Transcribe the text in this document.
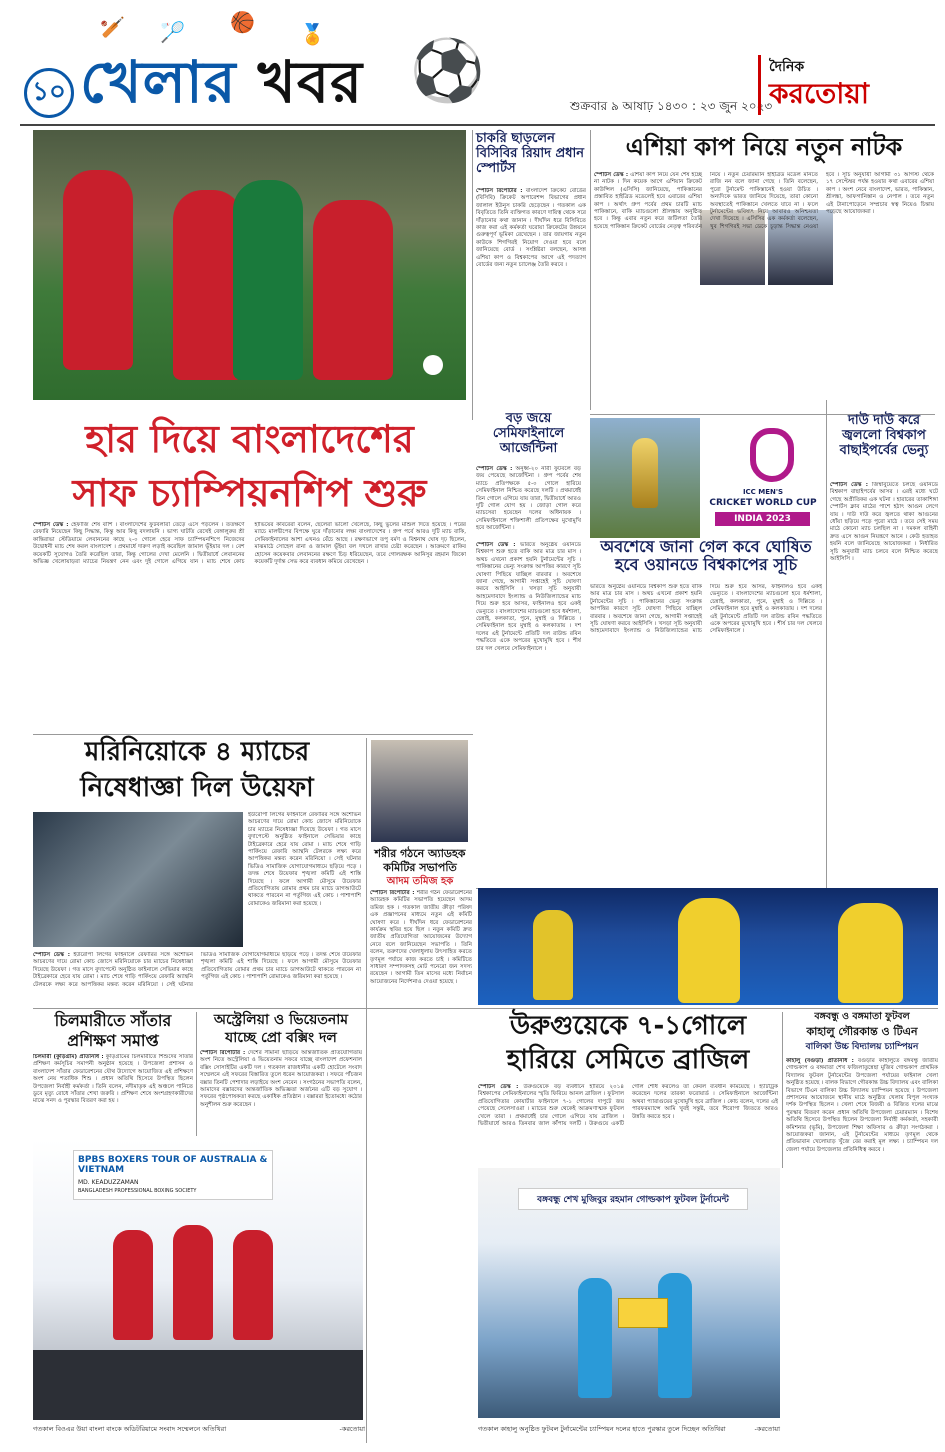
🏏 🏸 🏀 🏅
⚽
১০ খেলার খবর	শুক্রবার ৯ আষাঢ় ১৪৩০ : ২৩ জুন ২০২৩
দৈনিক
করতোয়া
হার দিয়ে বাংলাদেশের
সাফ চ্যাম্পিয়নশিপ শুরু
স্পোর্টস ডেস্ক : হেফাজি শেষ বাঁশি । বাংলাদেশের ফুটবলারা তেড়ে এসে পড়লেন । ততক্ষণে রেফারি নিয়েছেন কিছু সিদ্ধান্ত, কিন্তু আর কিছু বদলায়নি । ভাগ্য ঘাটতি রেখেই বেঙ্গালুরুর শ্রী কান্তিরাভা স্টেডিয়ামে লেবাননের কাছে ২-০ গোলে হেরে সাফ চ্যাম্পিয়নশিপে নিজেদের উদ্বোধনী ম্যাচ শেষ করল বাংলাদেশ । প্রথমার্ধে দারুণ লড়াই করেছিল জামাল ভূঁইয়ার দল । বেশ কয়েকটি সুযোগও তৈরি করেছিল তারা, কিন্তু গোলের দেখা মেলেনি । দ্বিতীয়ার্ধে লেবাননের অভিজ্ঞ খেলোয়াড়রা ম্যাচের নিয়ন্ত্রণ নেন এবং দুই গোলে এগিয়ে যান । ম্যাচ শেষে কোচ হাভিয়ের কাবরেরা বলেন, ছেলেরা ভালো খেলেছে, কিছু ভুলের মাশুল দিতে হয়েছে । পরের ম্যাচে মালদ্বীপের বিপক্ষে ঘুরে দাঁড়ানোর লক্ষ্য বাংলাদেশের । গ্রুপ পর্বে আরও দুটি ম্যাচ বাকি, সেমিফাইনালের আশা এখনও বেঁচে আছে । রক্ষণভাগে তপু বর্মণ ও বিশ্বনাথ ঘোষ দৃঢ় ছিলেন, মাঝমাঠে সোহেল রানা ও জামাল ভূঁইয়া বল দখলে রাখার চেষ্টা করেছেন । আক্রমণে রাকিব হোসেন কয়েকবার লেবাননের রক্ষণে চিড় ধরিয়েছেন, তবে গোলরক্ষক আনিসুর রহমান জিকো কয়েকটি দুর্দান্ত সেভ করে ব্যবধান কমিয়ে রেখেছেন ।
চাকরি ছাড়লেন বিসিবির রিয়াদ প্রধান স্পোর্টস
স্পোর্টস রিপোর্টার : বাংলাদেশ ক্রিকেট বোর্ডের (বিসিবি) ক্রিকেট অপারেশন্স বিভাগের প্রধান জালাল ইউনুস চাকরি ছেড়েছেন । গতকাল এক বিবৃতিতে তিনি ব্যক্তিগত কারণে দায়িত্ব থেকে সরে দাঁড়ানোর কথা জানান । দীর্ঘদিন ধরে বিসিবিতে কাজ করা এই কর্মকর্তা ঘরোয়া ক্রিকেটের উন্নয়নে গুরুত্বপূর্ণ ভূমিকা রেখেছেন । তার জায়গায় নতুন কাউকে শিগগিরই নিয়োগ দেওয়া হবে বলে জানিয়েছে বোর্ড । সংশ্লিষ্টরা বলছেন, আসন্ন এশিয়া কাপ ও বিশ্বকাপের আগে এই পদত্যাগ বোর্ডের জন্য নতুন চ্যালেঞ্জ তৈরি করবে ।
এশিয়া কাপ নিয়ে নতুন নাটক
স্পোর্টস ডেস্ক : এশিয়া কাপ নিয়ে যেন শেষ হচ্ছে না নাটক । দিন কয়েক আগে এশিয়ান ক্রিকেট কাউন্সিল (এসিসি) জানিয়েছে, পাকিস্তানের প্রস্তাবিত হাইব্রিড মডেলেই হবে এবারের এশিয়া কাপ । অর্থাৎ গ্রুপ পর্বের প্রথম চারটি ম্যাচ পাকিস্তানে, বাকি ম্যাচগুলো শ্রীলঙ্কায় অনুষ্ঠিত হবে । কিন্তু এবার নতুন করে জটিলতা তৈরি হয়েছে পাকিস্তান ক্রিকেট বোর্ডের নেতৃত্ব পরিবর্তন নিয়ে । নতুন চেয়ারম্যান হাইব্রিড মডেল মানতে রাজি নন বলে জানা গেছে । তিনি বলেছেন, পুরো টুর্নামেন্ট পাকিস্তানেই হওয়া উচিত । অন্যদিকে ভারত জানিয়ে দিয়েছে, তারা কোনো অবস্থাতেই পাকিস্তানে খেলতে যাবে না । ফলে টুর্নামেন্টের ভবিষ্যৎ নিয়ে আবারও অনিশ্চয়তা দেখা দিয়েছে । এসিসির এক কর্মকর্তা বলেছেন, খুব শিগগিরই সভা ডেকে চূড়ান্ত সিদ্ধান্ত নেওয়া হবে । সূচি অনুযায়ী আগামী ৩১ আগস্ট থেকে ১৭ সেপ্টেম্বর পর্যন্ত হওয়ার কথা এবারের এশিয়া কাপ । অংশ নেবে বাংলাদেশ, ভারত, পাকিস্তান, শ্রীলঙ্কা, আফগানিস্তান ও নেপাল । তবে নতুন এই টানাপোড়েনে সম্প্রচার স্বত্ব নিয়েও চিন্তায় পড়েছে আয়োজকরা ।
বড় জয়ে সেমিফাইনালে আর্জেন্টিনা
স্পোর্টস ডেস্ক : অনূর্ধ্ব-২০ নারী ফুটবলে বড় জয় পেয়েছে আর্জেন্টিনা । গ্রুপ পর্বের শেষ ম্যাচে প্রতিপক্ষকে ৫-০ গোলে হারিয়ে সেমিফাইনাল নিশ্চিত করেছে দলটি । প্রথমার্ধেই তিন গোলে এগিয়ে যায় তারা, দ্বিতীয়ার্ধে আরও দুটি গোল যোগ হয় । জোড়া গোল করে ম্যাচসেরা হয়েছেন দলের অধিনায়ক । সেমিফাইনালে শক্তিশালী প্রতিপক্ষের মুখোমুখি হবে আর্জেন্টিনা ।
ICC MEN'S
CRICKET WORLD CUP
INDIA 2023
দাউ দাউ করে জ্বললো বিশ্বকাপ বাছাইপর্বের ভেন্যু
স্পোর্টস ডেস্ক : জিম্বাবুয়েতে চলছে ওয়ানডে বিশ্বকাপ বাছাইপর্বের আসর । এরই মধ্যে ঘটে গেছে অপ্রীতিকর এক ঘটনা । হারারের তাকাশিঙ্গা স্পোর্টস ক্লাব মাঠের পাশে হঠাৎ আগুন লেগে যায় । দাউ দাউ করে জ্বলতে থাকা আগুনের ধোঁয়া ছড়িয়ে পড়ে পুরো মাঠে । তবে সেই সময় মাঠে কোনো ম্যাচ চলছিল না । দমকল বাহিনী দ্রুত এসে আগুন নিয়ন্ত্রণে আনে । কেউ হতাহত হয়নি বলে জানিয়েছে আয়োজকরা । নির্ধারিত সূচি অনুযায়ী ম্যাচ চলবে বলে নিশ্চিত করেছে আইসিসি ।
অবশেষে জানা গেল কবে ঘোষিত হবে ওয়ানডে বিশ্বকাপের সূচি
স্পোর্টস ডেস্ক : ভারতে অনুষ্ঠেয় ওয়ানডে বিশ্বকাপ শুরু হতে বাকি আর মাত্র চার মাস । অথচ এখনো প্রকাশ হয়নি টুর্নামেন্টের সূচি । পাকিস্তানের ভেন্যু সংক্রান্ত আপত্তির কারণে সূচি ঘোষণা পিছিয়ে যাচ্ছিল বারবার । অবশেষে জানা গেছে, আগামী সপ্তাহেই সূচি ঘোষণা করবে আইসিসি । খসড়া সূচি অনুযায়ী আহমেদাবাদে ইংল্যান্ড ও নিউজিল্যান্ডের ম্যাচ দিয়ে শুরু হবে আসর, ফাইনালও হবে একই ভেন্যুতে । বাংলাদেশের ম্যাচগুলো হবে ধর্মশালা, চেন্নাই, কলকাতা, পুনে, মুম্বাই ও দিল্লিতে । সেমিফাইনাল হবে মুম্বাই ও কলকাতায় । দশ দলের এই টুর্নামেন্টে প্রতিটি দল রাউন্ড রবিন পদ্ধতিতে একে অপরের মুখোমুখি হবে । শীর্ষ চার দল খেলবে সেমিফাইনালে ।
ভারতে অনুষ্ঠেয় ওয়ানডে বিশ্বকাপ শুরু হতে বাকি আর মাত্র চার মাস । অথচ এখনো প্রকাশ হয়নি টুর্নামেন্টের সূচি । পাকিস্তানের ভেন্যু সংক্রান্ত আপত্তির কারণে সূচি ঘোষণা পিছিয়ে যাচ্ছিল বারবার । অবশেষে জানা গেছে, আগামী সপ্তাহেই সূচি ঘোষণা করবে আইসিসি । খসড়া সূচি অনুযায়ী আহমেদাবাদে ইংল্যান্ড ও নিউজিল্যান্ডের ম্যাচ দিয়ে শুরু হবে আসর, ফাইনালও হবে একই ভেন্যুতে । বাংলাদেশের ম্যাচগুলো হবে ধর্মশালা, চেন্নাই, কলকাতা, পুনে, মুম্বাই ও দিল্লিতে । সেমিফাইনাল হবে মুম্বাই ও কলকাতায় । দশ দলের এই টুর্নামেন্টে প্রতিটি দল রাউন্ড রবিন পদ্ধতিতে একে অপরের মুখোমুখি হবে । শীর্ষ চার দল খেলবে সেমিফাইনালে ।
মরিনিয়োকে ৪ ম্যাচের
নিষেধাজ্ঞা দিল উয়েফা
ইউরোপা লিগের ফাইনালে রেফারির সঙ্গে অশোভন আচরণের দায়ে রোমা কোচ জোসে মরিনিয়োকে চার ম্যাচের নিষেধাজ্ঞা দিয়েছে উয়েফা । গত মাসে বুদাপেস্টে অনুষ্ঠিত ফাইনালে সেভিয়ার কাছে টাইব্রেকারে হেরে যায় রোমা । ম্যাচ শেষে গাড়ি পার্কিংয়ে রেফারি অ্যান্থনি টেলরকে লক্ষ্য করে আপত্তিকর মন্তব্য করেন মরিনিয়ো । সেই ঘটনার ভিডিও সামাজিক যোগাযোগমাধ্যমে ছড়িয়ে পড়ে । তদন্ত শেষে উয়েফার শৃঙ্খলা কমিটি এই শাস্তি দিয়েছে । ফলে আগামী মৌসুমে উয়েফার প্রতিযোগিতায় রোমার প্রথম চার ম্যাচে ডাগআউটে থাকতে পারবেন না পর্তুগিজ এই কোচ । পাশাপাশি রোমাকেও জরিমানা করা হয়েছে ।
স্পোর্টস ডেস্ক : ইউরোপা লিগের ফাইনালে রেফারির সঙ্গে অশোভন আচরণের দায়ে রোমা কোচ জোসে মরিনিয়োকে চার ম্যাচের নিষেধাজ্ঞা দিয়েছে উয়েফা । গত মাসে বুদাপেস্টে অনুষ্ঠিত ফাইনালে সেভিয়ার কাছে টাইব্রেকারে হেরে যায় রোমা । ম্যাচ শেষে গাড়ি পার্কিংয়ে রেফারি অ্যান্থনি টেলরকে লক্ষ্য করে আপত্তিকর মন্তব্য করেন মরিনিয়ো । সেই ঘটনার ভিডিও সামাজিক যোগাযোগমাধ্যমে ছড়িয়ে পড়ে । তদন্ত শেষে উয়েফার শৃঙ্খলা কমিটি এই শাস্তি দিয়েছে । ফলে আগামী মৌসুমে উয়েফার প্রতিযোগিতায় রোমার প্রথম চার ম্যাচে ডাগআউটে থাকতে পারবেন না পর্তুগিজ এই কোচ । পাশাপাশি রোমাকেও জরিমানা করা হয়েছে ।
শরীর গঠনে অ্যাডহক
কমিটির সভাপতি
আদম তমিজ হক
স্পোর্টস রিপোর্টার : শরীর গঠন ফেডারেশনের অ্যাডহক কমিটির সভাপতি হয়েছেন আদম তমিজ হক । গতকাল জাতীয় ক্রীড়া পরিষদ এক প্রজ্ঞাপনের মাধ্যমে নতুন এই কমিটি ঘোষণা করে । দীর্ঘদিন ধরে ফেডারেশনের কার্যক্রম স্থবির হয়ে ছিল । নতুন কমিটি দ্রুত জাতীয় প্রতিযোগিতা আয়োজনের উদ্যোগ নেবে বলে জানিয়েছেন সভাপতি । তিনি বলেন, তরুণদের খেলাধুলায় উৎসাহিত করতে তৃণমূল পর্যায়ে কাজ করতে চাই । কমিটিতে সাধারণ সম্পাদকসহ মোট পনেরো জন সদস্য রয়েছেন । আগামী তিন মাসের মধ্যে নির্বাচন আয়োজনের নির্দেশনাও দেওয়া হয়েছে ।
চিলমারীতে সাঁতার
প্রশিক্ষণ সমাপ্ত
চিলমারী (কুড়িগ্রাম) প্রতিনিধি : কুড়িগ্রামের চিলমারীতে শিশুদের সাঁতার প্রশিক্ষণ কর্মসূচির সমাপনী অনুষ্ঠান হয়েছে । উপজেলা প্রশাসন ও বাংলাদেশ সাঁতার ফেডারেশনের যৌথ উদ্যোগে আয়োজিত এই প্রশিক্ষণে অংশ নেয় শতাধিক শিশু । প্রধান অতিথি হিসেবে উপস্থিত ছিলেন উপজেলা নির্বাহী কর্মকর্তা । তিনি বলেন, নদীমাতৃক এই অঞ্চলে পানিতে ডুবে মৃত্যু রোধে সাঁতার শেখা জরুরি । প্রশিক্ষণ শেষে অংশগ্রহণকারীদের মাঝে সনদ ও পুরস্কার বিতরণ করা হয় ।
অস্ট্রেলিয়া ও ভিয়েতনাম
যাচ্ছে প্রো বক্সিং দল
স্পোর্টস রিপোর্টার : দেশের সীমানা ছাড়িয়ে আন্তর্জাতিক প্রতিযোগিতায় অংশ নিতে অস্ট্রেলিয়া ও ভিয়েতনাম সফরে যাচ্ছে বাংলাদেশ প্রফেশনাল বক্সিং সোসাইটির একটি দল । গতকাল রাজধানীর একটি হোটেলে সংবাদ সম্মেলনে এই সফরের বিস্তারিত তুলে ধরেন আয়োজকরা । সফরে পাঁচজন বক্সার তিনটি পেশাদার লড়াইয়ে অংশ নেবেন । সংগঠনের সভাপতি বলেন, আমাদের বক্সারদের আন্তর্জাতিক অভিজ্ঞতা অর্জনের এটি বড় সুযোগ । সফরের পৃষ্ঠপোষকতা করছে একাধিক প্রতিষ্ঠান । বক্সাররা ইতোমধ্যে কঠোর অনুশীলন শুরু করেছেন ।
BPBS BOXERS TOUR OF AUSTRALIA & VIETNAM
MD. KEADUZZAMAN
BANGLADESH PROFESSIONAL BOXING SOCIETY
গতকাল বিওএর উয়া বাংলা বাংকে অডিটরিয়ামে সংবাদ সম্মেলনে অতিথিরা	-করতোয়া
উরুগুয়েকে ৭-১গোলে
হারিয়ে সেমিতে ব্রাজিল
স্পোর্টস ডেস্ক : উরুগুয়েকে বড় ব্যবধানে হারিয়ে ২০১৪ বিশ্বকাপের সেমিফাইনালের স্মৃতি ফিরিয়ে আনল ব্রাজিল । ফুটসাল প্রতিযোগিতার কোয়ার্টার ফাইনালে ৭-১ গোলের দাপুটে জয় পেয়েছে সেলেসাওরা । ম্যাচের শুরু থেকেই আক্রমণাত্মক ফুটবল খেলে তারা । প্রথমার্ধেই চার গোলে এগিয়ে যায় ব্রাজিল । দ্বিতীয়ার্ধে আরও তিনবার জাল কাঁপায় দলটি । উরুগুয়ে একটি গোল শোধ করলেও তা কেবল ব্যবধান কমিয়েছে । হ্যাটট্রিক করেছেন দলের তারকা ফরোয়ার্ড । সেমিফাইনালে আর্জেন্টিনা অথবা প্যারাগুয়ের মুখোমুখি হবে ব্রাজিল । কোচ বলেন, দলের এই পারফরম্যান্সে আমি খুবই সন্তুষ্ট, তবে শিরোপা জিততে আরও উন্নতি করতে হবে ।
বঙ্গবন্ধু ও বঙ্গমাতা ফুটবল
কাহালু গৌরকান্ত ও টিএন
বালিকা উচ্চ বিদ্যালয় চ্যাম্পিয়ন
কাহালু (বগুড়া) প্রতিনিধি : বগুড়ার কাহালুতে বঙ্গবন্ধু জাতীয় গোল্ডকাপ ও বঙ্গমাতা শেখ ফজিলাতুন্নেছা মুজিব গোল্ডকাপ প্রাথমিক বিদ্যালয় ফুটবল টুর্নামেন্টের উপজেলা পর্যায়ের ফাইনাল খেলা অনুষ্ঠিত হয়েছে । বালক বিভাগে গৌরকান্ত উচ্চ বিদ্যালয় এবং বালিকা বিভাগে টিএন বালিকা উচ্চ বিদ্যালয় চ্যাম্পিয়ন হয়েছে । উপজেলা প্রশাসনের আয়োজনে স্থানীয় মাঠে অনুষ্ঠিত খেলায় বিপুল সংখ্যক দর্শক উপস্থিত ছিলেন । খেলা শেষে বিজয়ী ও বিজিত দলের মাঝে পুরস্কার বিতরণ করেন প্রধান অতিথি উপজেলা চেয়ারম্যান । বিশেষ অতিথি হিসেবে উপস্থিত ছিলেন উপজেলা নির্বাহী কর্মকর্তা, সহকারী কমিশনার (ভূমি), উপজেলা শিক্ষা অফিসার ও ক্রীড়া সংগঠকরা । আয়োজকরা জানান, এই টুর্নামেন্টের মাধ্যমে তৃণমূল থেকে প্রতিভাবান খেলোয়াড় খুঁজে বের করাই মূল লক্ষ্য । চ্যাম্পিয়ন দল জেলা পর্যায়ে উপজেলার প্রতিনিধিত্ব করবে ।
বঙ্গবন্ধু শেখ মুজিবুর রহমান গোল্ডকাপ ফুটবল টুর্নামেন্ট
গতকাল কাহালু অনুষ্ঠিত ফুটবল টুর্নামেন্টের চ্যাম্পিয়ন দলের হাতে পুরস্কার তুলে দিচ্ছেন অতিথিরা	-করতোয়া
